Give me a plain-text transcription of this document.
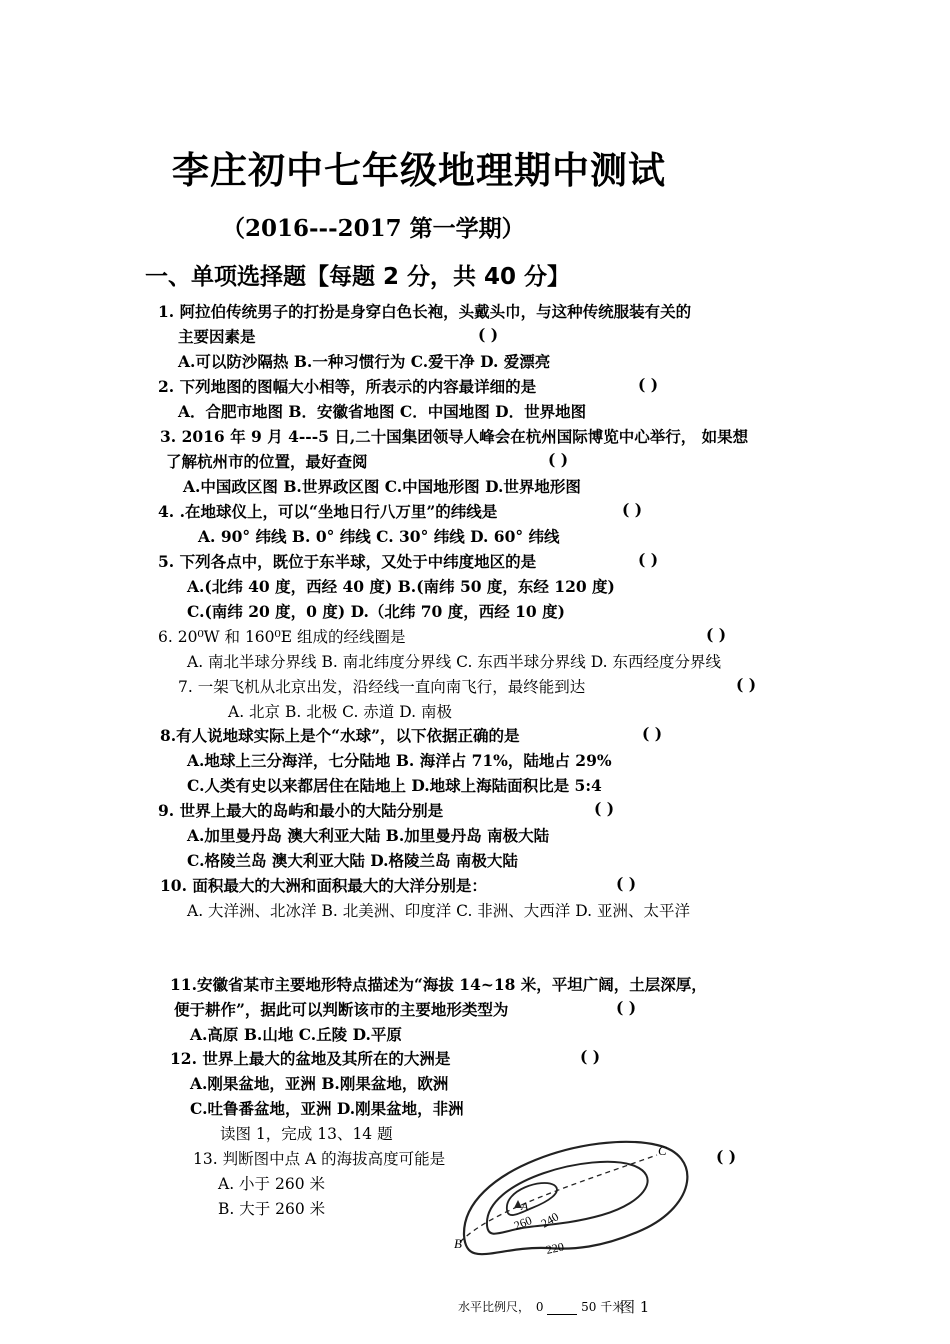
李庄初中七年级地理期中测试
（2016---2017 第一学期）
一、单项选择题【每题 2 分，共 40 分】
1. 阿拉伯传统男子的打扮是身穿白色长袍，头戴头巾，与这种传统服装有关的
主要因素是
A.可以防沙隔热 B.一种习惯行为 C.爱干净 D. 爱漂亮
2. 下列地图的图幅大小相等，所表示的内容最详细的是
A．合肥市地图 B．安徽省地图 C．中国地图 D．世界地图
3. 2016 年 9 月 4---5 日,二十国集团领导人峰会在杭州国际博览中心举行， 如果想
了解杭州市的位置，最好查阅
A.中国政区图 B.世界政区图 C.中国地形图 D.世界地形图
4. .在地球仪上，可以“坐地日行八万里”的纬线是
A. 90° 纬线 B. 0° 纬线 C. 30° 纬线 D. 60° 纬线
5. 下列各点中，既位于东半球，又处于中纬度地区的是
A.(北纬 40 度，西经 40 度) B.(南纬 50 度，东经 120 度)
C.(南纬 20 度，0 度) D.（北纬 70 度，西经 10 度)
6. 20⁰W 和 160⁰E 组成的经线圈是
A. 南北半球分界线 B. 南北纬度分界线 C. 东西半球分界线 D. 东西经度分界线
7. 一架飞机从北京出发，沿经线一直向南飞行，最终能到达
A. 北京 B. 北极 C. 赤道 D. 南极
8.有人说地球实际上是个“水球”，以下依据正确的是
A.地球上三分海洋，七分陆地 B. 海洋占 71%，陆地占 29%
C.人类有史以来都居住在陆地上 D.地球上海陆面积比是 5:4
9. 世界上最大的岛屿和最小的大陆分别是
A.加里曼丹岛 澳大利亚大陆 B.加里曼丹岛 南极大陆
C.格陵兰岛 澳大利亚大陆 D.格陵兰岛 南极大陆
10. 面积最大的大洲和面积最大的大洋分别是：
A. 大洋洲、北冰洋 B. 北美洲、印度洋 C. 非洲、大西洋 D. 亚洲、太平洋
11.安徽省某市主要地形特点描述为“海拔 14~18 米，平坦广阔，土层深厚，
便于耕作”，据此可以判断该市的主要地形类型为
A.高原 B.山地 C.丘陵 D.平原
12. 世界上最大的盆地及其所在的大洲是
A.刚果盆地，亚洲 B.刚果盆地，欧洲
C.吐鲁番盆地，亚洲 D.刚果盆地，非洲
读图 1，完成 13、14 题
13. 判断图中点 A 的海拔高度可能是
A. 小于 260 米
B. 大于 260 米
( )
( )
( )
( )
( )
( )
( )
( )
( )
( )
( )
( )
( )
A
B
C
260 240
220
水平比例尺， 0	50 千米
图 1
